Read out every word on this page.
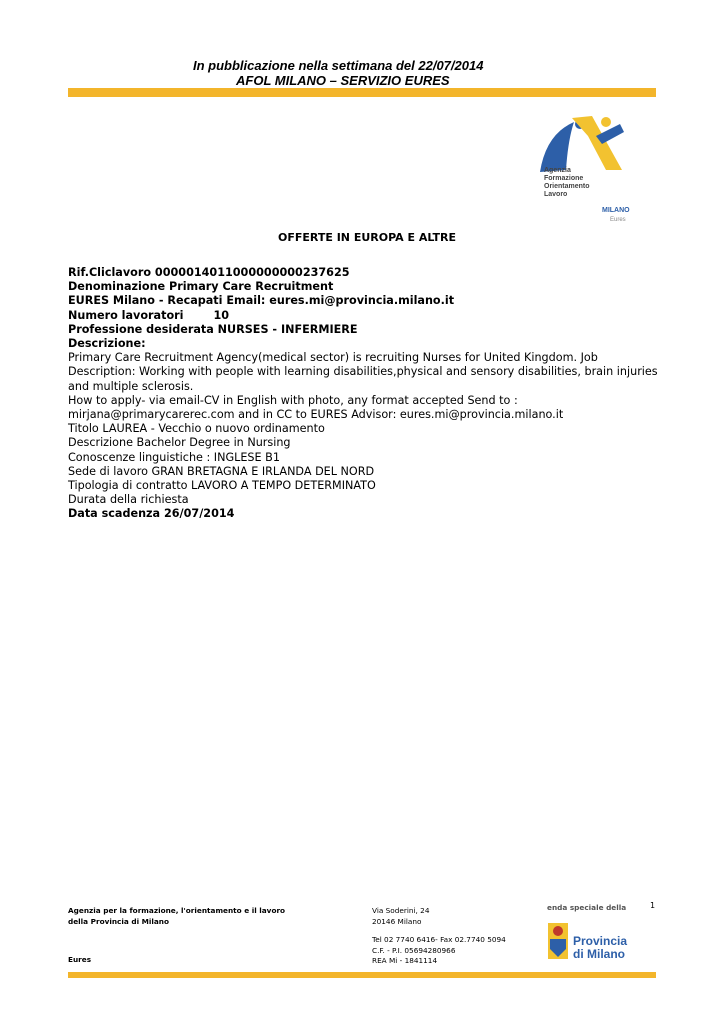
In pubblicazione nella settimana del 22/07/2014
AFOL MILANO – SERVIZIO EURES
Agenzia
Formazione
Orientamento
Lavoro
MILANO
Eures
OFFERTE IN EUROPA E ALTRE
Rif.Cliclavoro 0000014011000000000237625
Denominazione Primary Care Recruitment
EURES Milano - Recapati Email: eures.mi@provincia.milano.it
Numero lavoratori	10
Professione desiderata NURSES - INFERMIERE
Descrizione:
Primary Care Recruitment Agency(medical sector) is recruiting Nurses for United Kingdom. Job Description: Working with people with learning disabilities,physical and sensory disabilities, brain injuries and multiple sclerosis.
How to apply- via email-CV in English with photo, any format accepted Send to : mirjana@primarycarerec.com and in CC to EURES Advisor: eures.mi@provincia.milano.it
Titolo LAUREA - Vecchio o nuovo ordinamento
Descrizione Bachelor Degree in Nursing
Conoscenze linguistiche : INGLESE B1
Sede di lavoro GRAN BRETAGNA E IRLANDA DEL NORD
Tipologia di contratto LAVORO A TEMPO DETERMINATO
Durata della richiesta
Data scadenza 26/07/2014
Agenzia per la formazione, l'orientamento e il lavoro
della Provincia di Milano
Eures
Via Soderini, 24
20146 Milano
Tel 02 7740 6416- Fax 02.7740 5094
C.F. - P.I. 05694280966
REA Mi - 1841114
enda speciale della	1
Provincia
di Milano
